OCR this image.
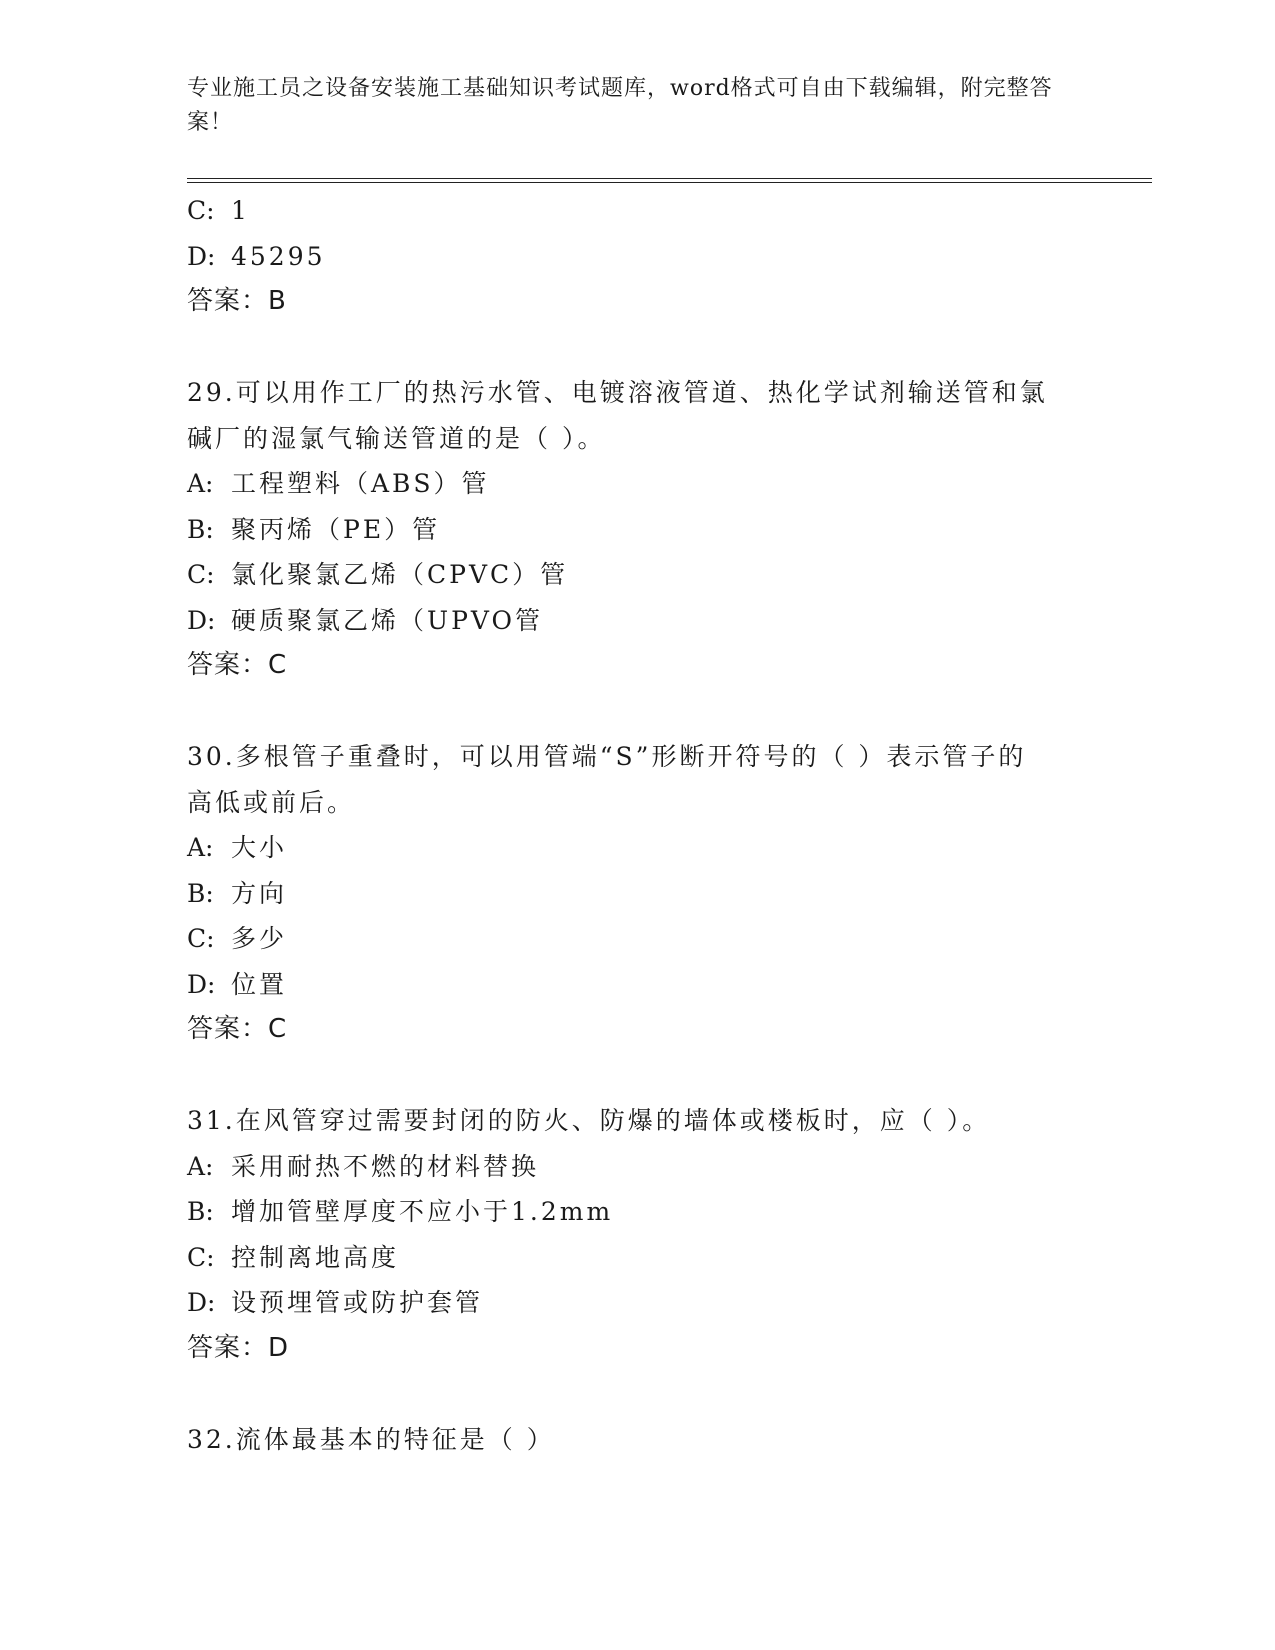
专业施工员之设备安装施工基础知识考试题库，word格式可自由下载编辑，附完整答案！
C: 1
D: 45295
答案：B
29.可以用作工厂的热污水管、电镀溶液管道、热化学试剂输送管和氯
碱厂的湿氯气输送管道的是（ ）。
A: 工程塑料（ABS）管
B: 聚丙烯（PE）管
C: 氯化聚氯乙烯（CPVC）管
D: 硬质聚氯乙烯（UPVO管
答案：C
30.多根管子重叠时，可以用管端“S”形断开符号的（ ）表示管子的
高低或前后。
A: 大小
B: 方向
C: 多少
D: 位置
答案：C
31.在风管穿过需要封闭的防火、防爆的墙体或楼板时，应（ ）。
A: 采用耐热不燃的材料替换
B: 增加管壁厚度不应小于1.2mm
C: 控制离地高度
D: 设预埋管或防护套管
答案：D
32.流体最基本的特征是（ ）
